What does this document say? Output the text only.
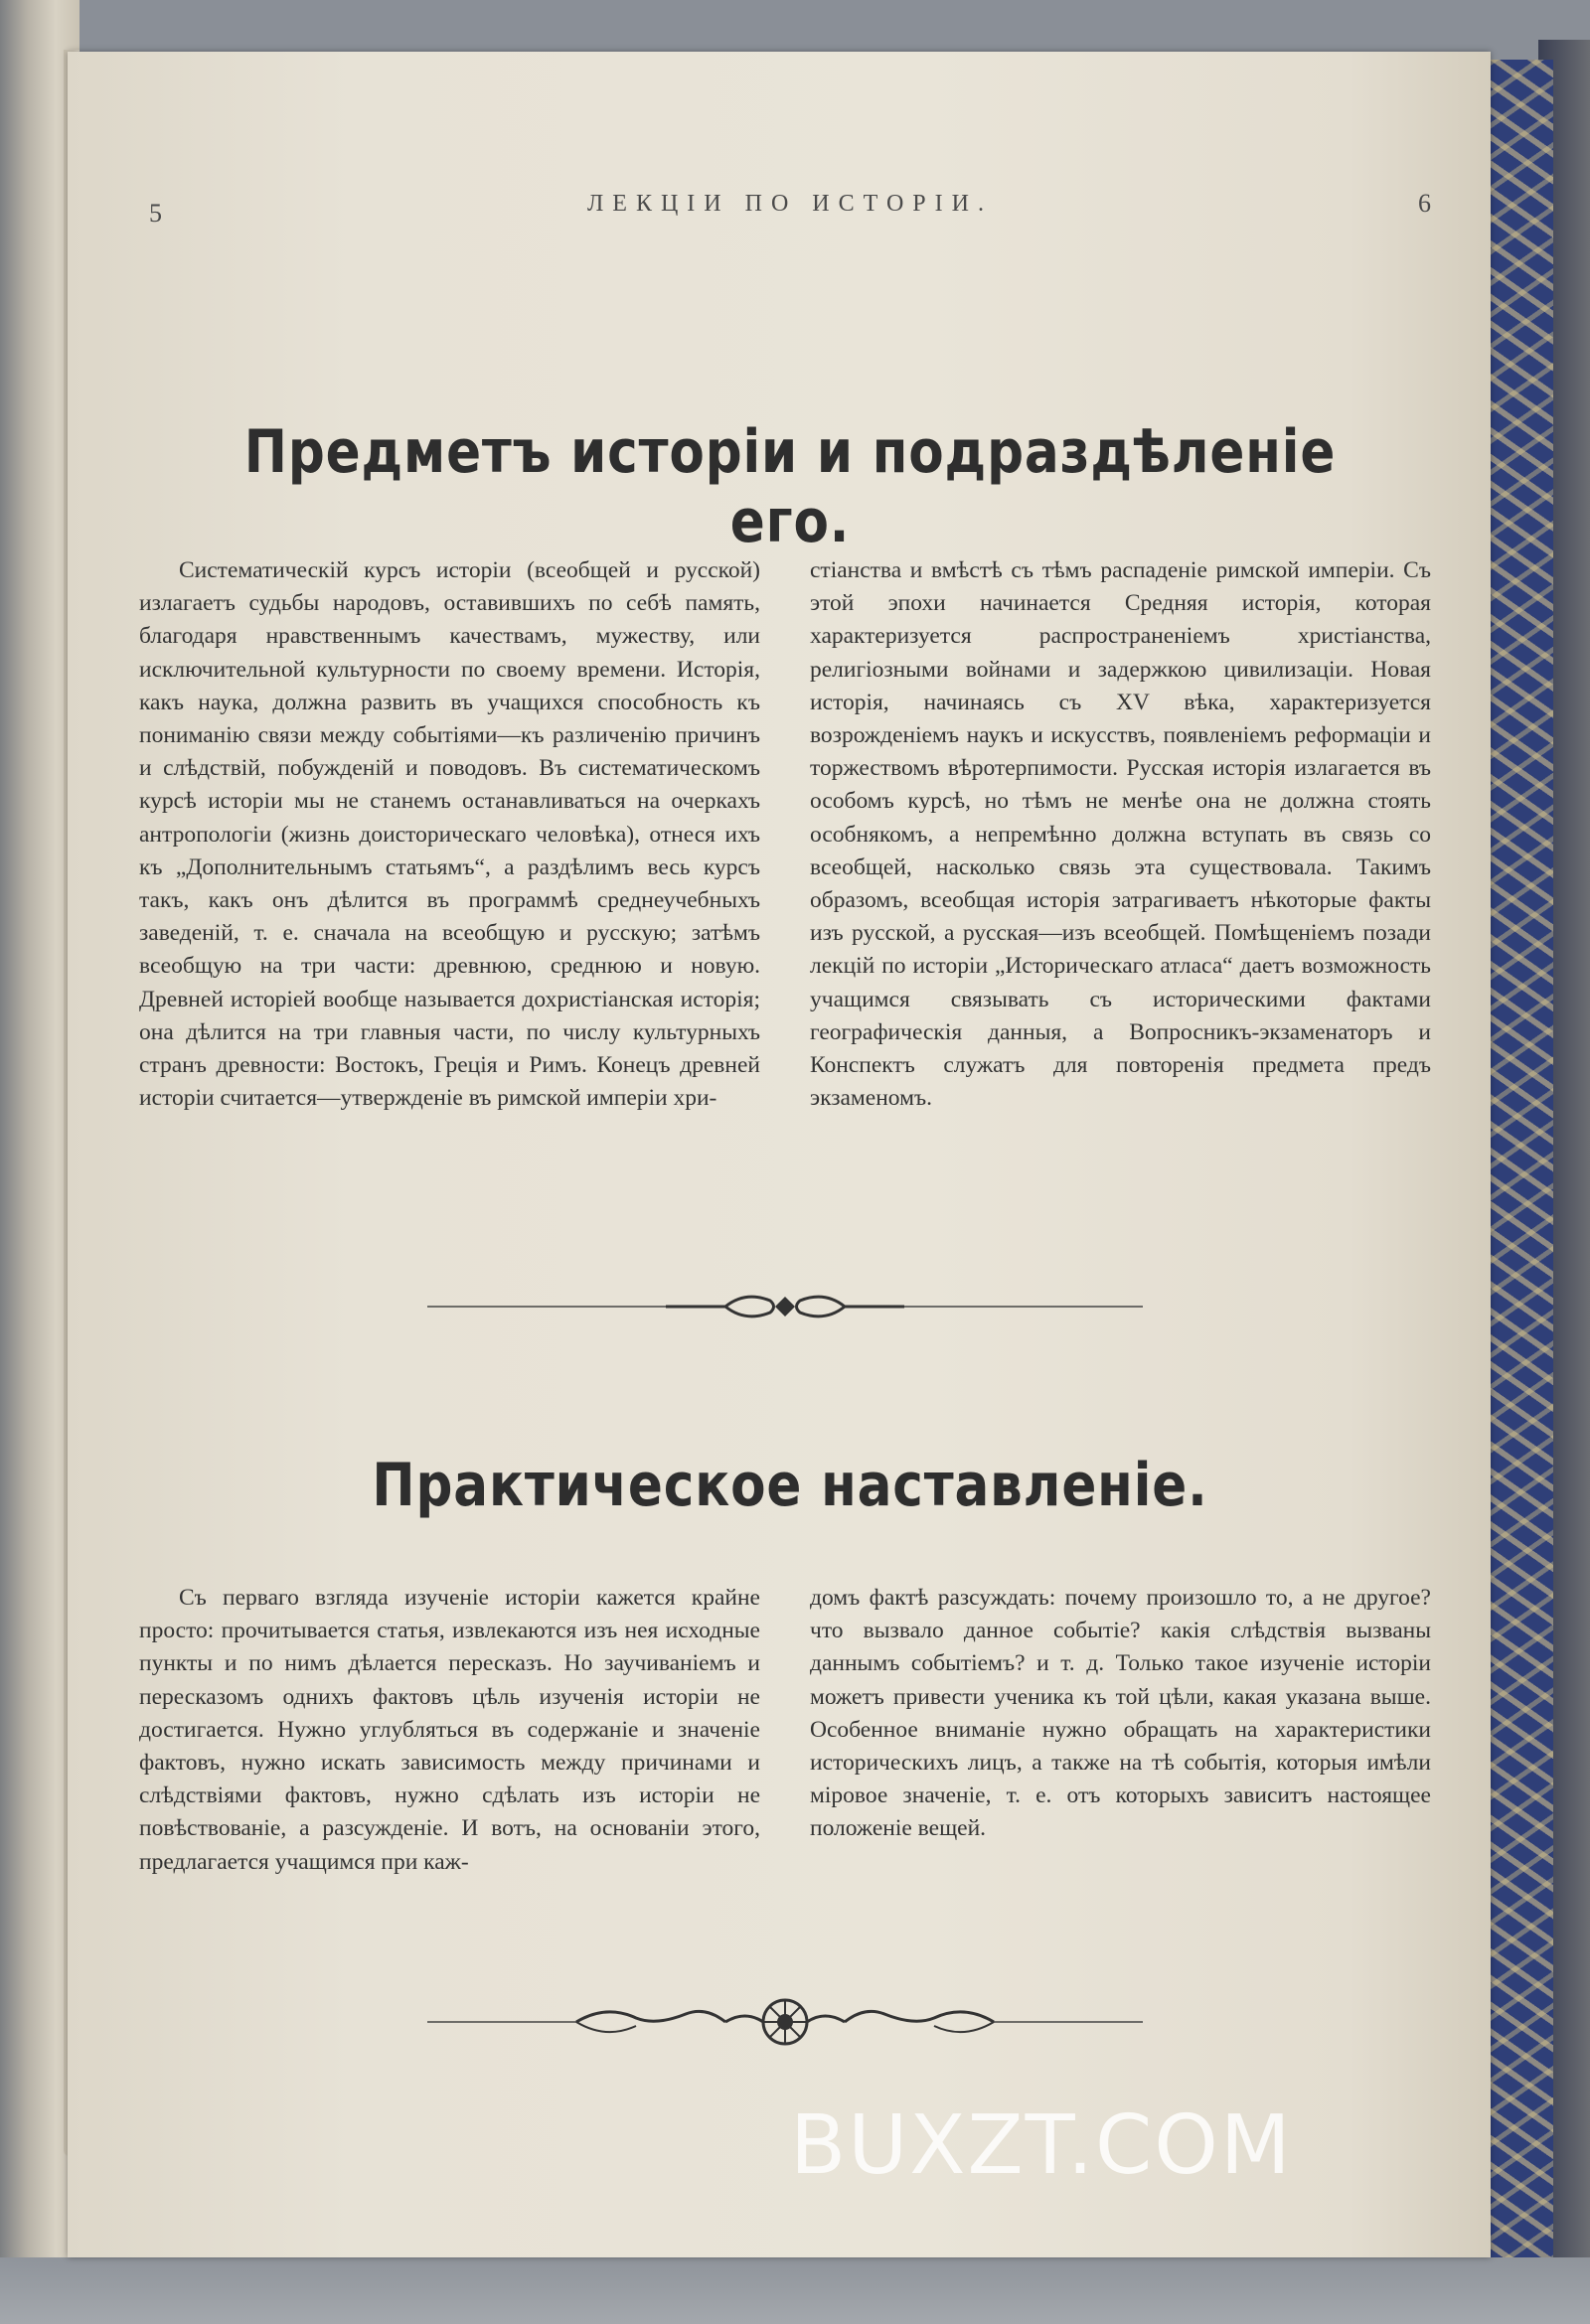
5	ЛЕКЦІИ ПО ИСТОРІИ.	6
Предметъ исторіи и подраздѣленіе его.

Систематическій курсъ исторіи (всеобщей и русской) излагаетъ судьбы народовъ, оставившихъ по себѣ память, благодаря нравственнымъ качествамъ, мужеству, или исключительной культурности по своему времени. Исторія, какъ наука, должна развить въ учащихся способность къ пониманію связи между событіями—къ различенію причинъ и слѣдствій, побужденій и поводовъ. Въ систематическомъ курсѣ исторіи мы не станемъ останавливаться на очеркахъ антропологіи (жизнь доисторическаго человѣка), отнеся ихъ къ „Дополнительнымъ статьямъ“, а раздѣлимъ весь курсъ такъ, какъ онъ дѣлится въ программѣ среднеучебныхъ заведеній, т. е. сначала на всеобщую и русскую; затѣмъ всеобщую на три части: древнюю, среднюю и новую. Древней исторіей вообще называется дохристіанская исторія; она дѣлится на три главныя части, по числу культурныхъ странъ древности: Востокъ, Греція и Римъ. Конецъ древней исторіи считается—утвержденіе въ римской имперіи хри-

стіанства и вмѣстѣ съ тѣмъ распаденіе римской имперіи. Съ этой эпохи начинается Средняя исторія, которая характеризуется распространеніемъ христіанства, религіозными войнами и задержкою цивилизаціи. Новая исторія, начинаясь съ XV вѣка, характеризуется возрожденіемъ наукъ и искусствъ, появленіемъ реформаціи и торжествомъ вѣротерпимости. Русская исторія излагается въ особомъ курсѣ, но тѣмъ не менѣе она не должна стоять особнякомъ, а непремѣнно должна вступать въ связь со всеобщей, насколько связь эта существовала. Такимъ образомъ, всеобщая исторія затрагиваетъ нѣкоторые факты изъ русской, а русская—изъ всеобщей. Помѣщеніемъ позади лекцій по исторіи „Историческаго атласа“ даетъ возможность учащимся связывать съ историческими фактами географическія данныя, а Вопросникъ-экзаменаторъ и Конспектъ служатъ для повторенія предмета предъ экзаменомъ.

Практическое наставленіе.

Съ перваго взгляда изученіе исторіи кажется крайне просто: прочитывается статья, извлекаются изъ нея исходные пункты и по нимъ дѣлается пересказъ. Но заучиваніемъ и пересказомъ однихъ фактовъ цѣль изученія исторіи не достигается. Нужно углубляться въ содержаніе и значеніе фактовъ, нужно искать зависимость между причинами и слѣдствіями фактовъ, нужно сдѣлать изъ исторіи не повѣствованіе, а разсужденіе. И вотъ, на основаніи этого, предлагается учащимся при каж-

домъ фактѣ разсуждать: почему произошло то, а не другое? что вызвало данное событіе? какія слѣдствія вызваны даннымъ событіемъ? и т. д. Только такое изученіе исторіи можетъ привести ученика къ той цѣли, какая указана выше. Особенное вниманіе нужно обращать на характеристики историческихъ лицъ, а также на тѣ событія, которыя имѣли міровое значеніе, т. е. отъ которыхъ зависитъ настоящее положеніе вещей.

BUXZT.COM
